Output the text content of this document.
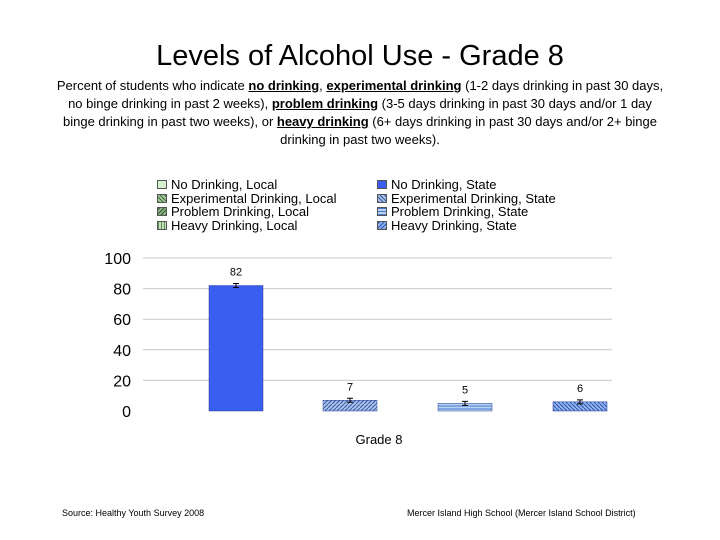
Levels of Alcohol Use - Grade 8
Percent of students who indicate no drinking, experimental drinking (1-2 days drinking in past 30 days, no binge drinking in past 2 weeks), problem drinking (3-5 days drinking in past 30 days and/or 1 day binge drinking in past two weeks), or heavy drinking (6+ days drinking in past 30 days and/or 2+ binge drinking in past two weeks).
No Drinking, Local
Experimental Drinking, Local
Problem Drinking, Local
Heavy Drinking, Local
No Drinking, State
Experimental Drinking, State
Problem Drinking, State
Heavy Drinking, State
0
20
40
60
80
100
82
7	5	6
Grade 8
Source: Healthy Youth Survey 2008	Mercer Island High School (Mercer Island School District)
